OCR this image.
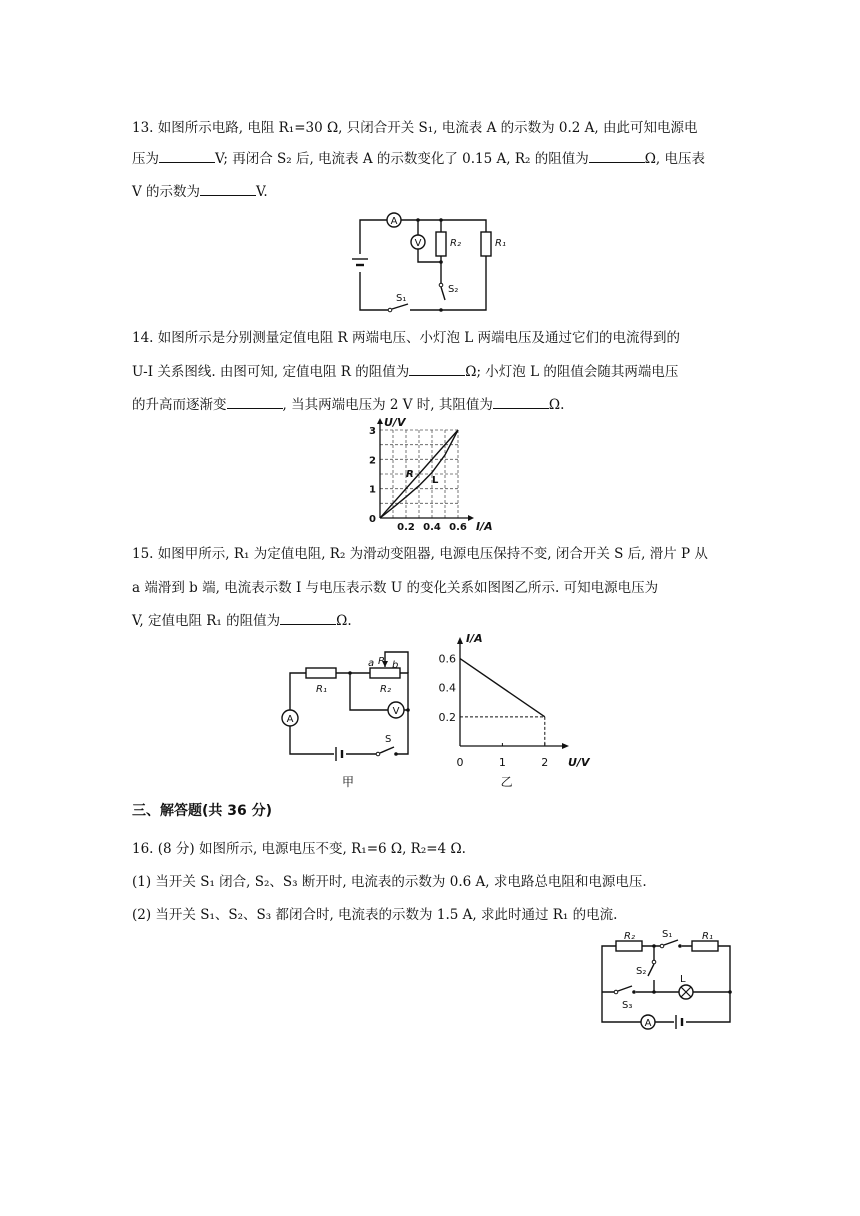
13. 如图所示电路, 电阻 R₁=30 Ω, 只闭合开关 S₁, 电流表 A 的示数为 0.2 A, 由此可知电源电
压为	V; 再闭合 S₂ 后, 电流表 A 的示数变化了 0.15 A, R₂ 的阻值为	Ω, 电压表
V 的示数为	V.
A
V	R₂
S₂
R₁
S₁
14. 如图所示是分别测量定值电阻 R 两端电压、小灯泡 L 两端电压及通过它们的电流得到的
U-I 关系图线. 由图可知, 定值电阻 R 的阻值为	Ω; 小灯泡 L 的阻值会随其两端电压
的升高而逐渐变	, 当其两端电压为 2 V 时, 其阻值为	Ω.
0.2 0.4 0.6
0
1
2
3
I/A
U/V
R
L
15. 如图甲所示, R₁ 为定值电阻, R₂ 为滑动变阻器, 电源电压保持不变, 闭合开关 S 后, 滑片 P 从
a 端滑到 b 端, 电流表示数 I 与电压表示数 U 的变化关系如图图乙所示. 可知电源电压为
V, 定值电阻 R₁ 的阻值为	Ω.
R₁
V
R₂
a P b
A
S
甲
0	1	2
0.2
0.4
0.6
U/V
I/A
乙
三、解答题(共 36 分)
16. (8 分) 如图所示, 电源电压不变, R₁=6 Ω, R₂=4 Ω.
(1) 当开关 S₁ 闭合, S₂、S₃ 断开时, 电流表的示数为 0.6 A, 求电路总电阻和电源电压.
(2) 当开关 S₁、S₂、S₃ 都闭合时, 电流表的示数为 1.5 A, 求此时通过 R₁ 的电流.
R₂	S₁	R₁
S₂
S₃
L
A
